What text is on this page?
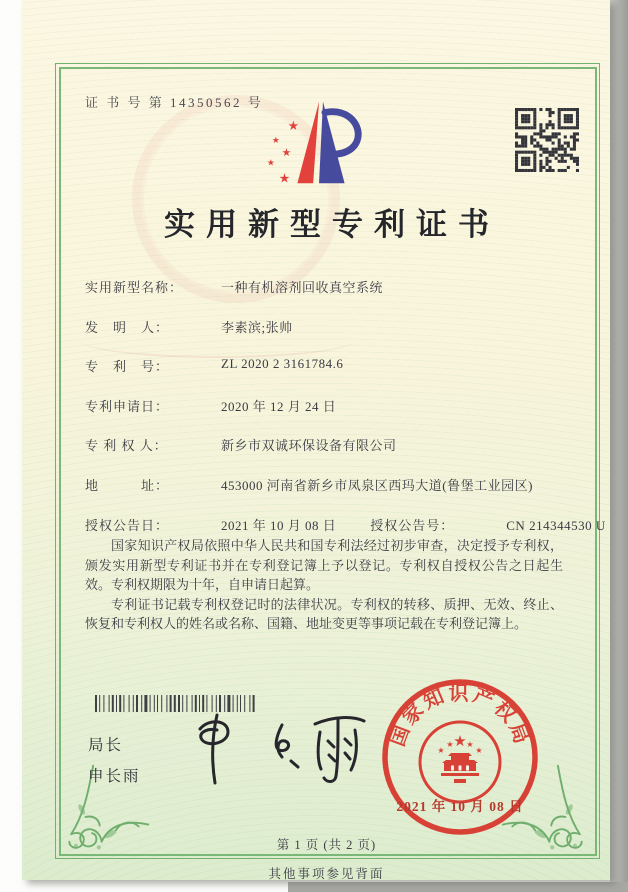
证 书 号 第 14350562 号
★
★
★
★
★
实用新型专利证书
实用新型名称：	一种有机溶剂回收真空系统
发　明　人：	李素滨;张帅
专　利　号：	ZL 2020 2 3161784.6
专利申请日：	2020 年 12 月 24 日
专 利 权 人：	新乡市双诚环保设备有限公司
地　　　址：	453000 河南省新乡市凤泉区西玛大道(鲁堡工业园区)
授权公告日：	2021 年 10 月 08 日	授权公告号：	CN 214344530 U

国家知识产权局依照中华人民共和国专利法经过初步审查，决定授予专利权，颁发实用新型专利证书并在专利登记簿上予以登记。专利权自授权公告之日起生效。专利权期限为十年，自申请日起算。

专利证书记载专利权登记时的法律状况。专利权的转移、质押、无效、终止、恢复和专利权人的姓名或名称、国籍、地址变更等事项记载在专利登记簿上。

局长
申长雨
国家知识产权局
★
★
★ ★
★
2021 年 10 月 08 日
第 1 页 (共 2 页)
其他事项参见背面
